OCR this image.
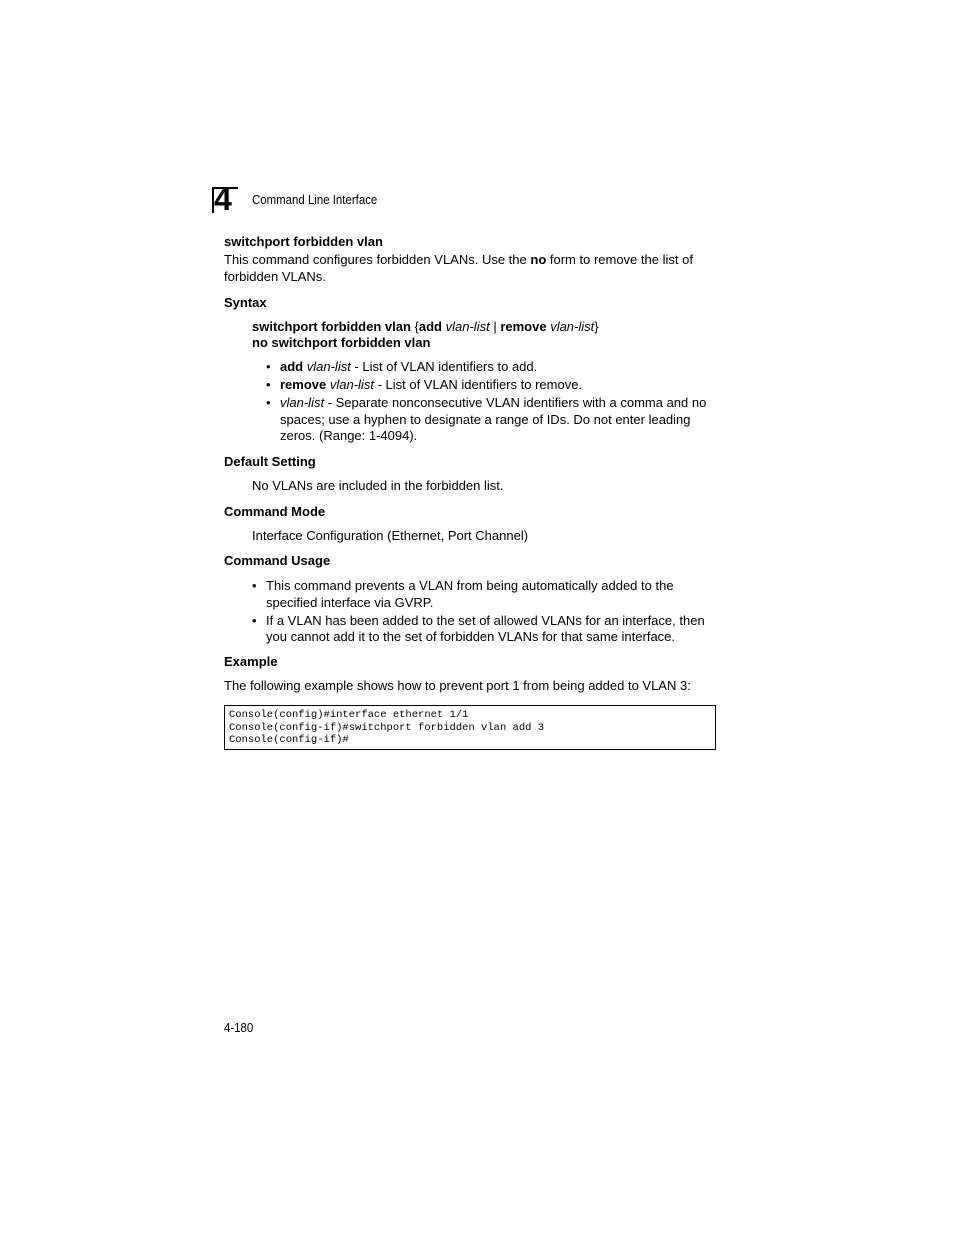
4 Command Line Interface
switchport forbidden vlan
This command configures forbidden VLANs. Use the no form to remove the list of forbidden VLANs.
Syntax
switchport forbidden vlan {add vlan-list | remove vlan-list}
no switchport forbidden vlan
• add vlan-list - List of VLAN identifiers to add.
• remove vlan-list - List of VLAN identifiers to remove.
• vlan-list - Separate nonconsecutive VLAN identifiers with a comma and no spaces; use a hyphen to designate a range of IDs. Do not enter leading zeros. (Range: 1-4094).
Default Setting
No VLANs are included in the forbidden list.
Command Mode
Interface Configuration (Ethernet, Port Channel)
Command Usage
• This command prevents a VLAN from being automatically added to the specified interface via GVRP.
• If a VLAN has been added to the set of allowed VLANs for an interface, then you cannot add it to the set of forbidden VLANs for that same interface.
Example
The following example shows how to prevent port 1 from being added to VLAN 3:
Console(config)#interface ethernet 1/1
Console(config-if)#switchport forbidden vlan add 3
Console(config-if)#
4-180
